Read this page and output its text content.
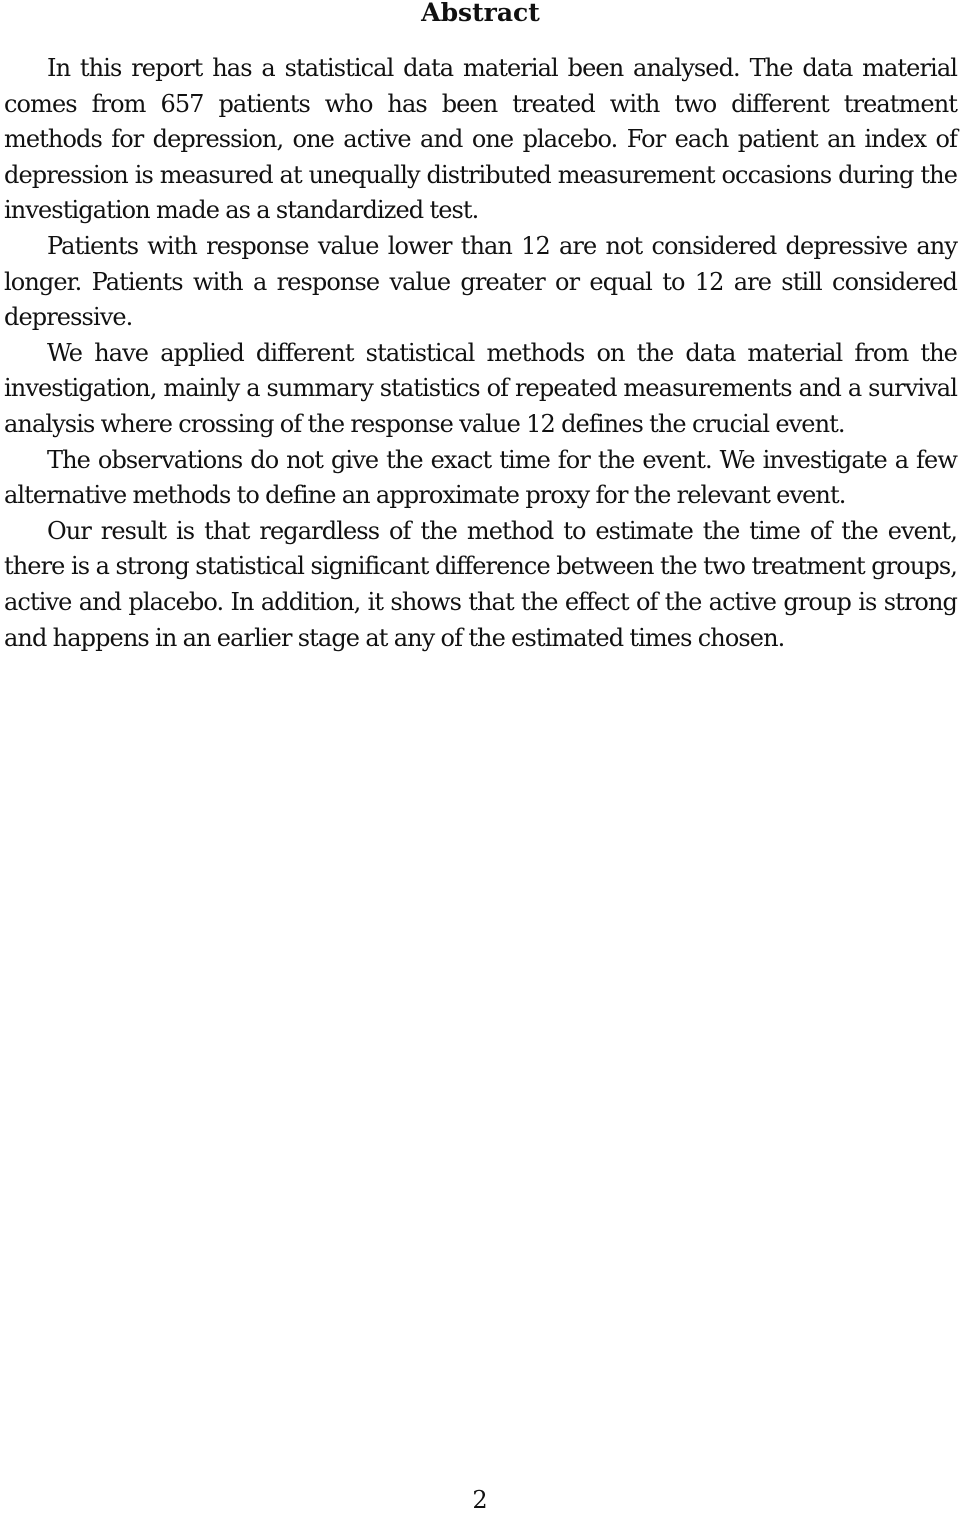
Abstract

In this report has a statistical data material been analysed. The data material comes from 657 patients who has been treated with two different treatment methods for depression, one active and one placebo. For each patient an index of depression is measured at unequally distributed measurement occasions during the investigation made as a standardized test.

Patients with response value lower than 12 are not considered depressive any longer. Patients with a response value greater or equal to 12 are still considered depressive.

We have applied different statistical methods on the data material from the investigation, mainly a summary statistics of repeated measurements and a survival analysis where crossing of the response value 12 defines the crucial event.

The observations do not give the exact time for the event. We investigate a few alternative methods to define an approximate proxy for the relevant event.

Our result is that regardless of the method to estimate the time of the event, there is a strong statistical significant difference between the two treatment groups, active and placebo. In addition, it shows that the effect of the active group is strong and happens in an earlier stage at any of the estimated times chosen.

2
